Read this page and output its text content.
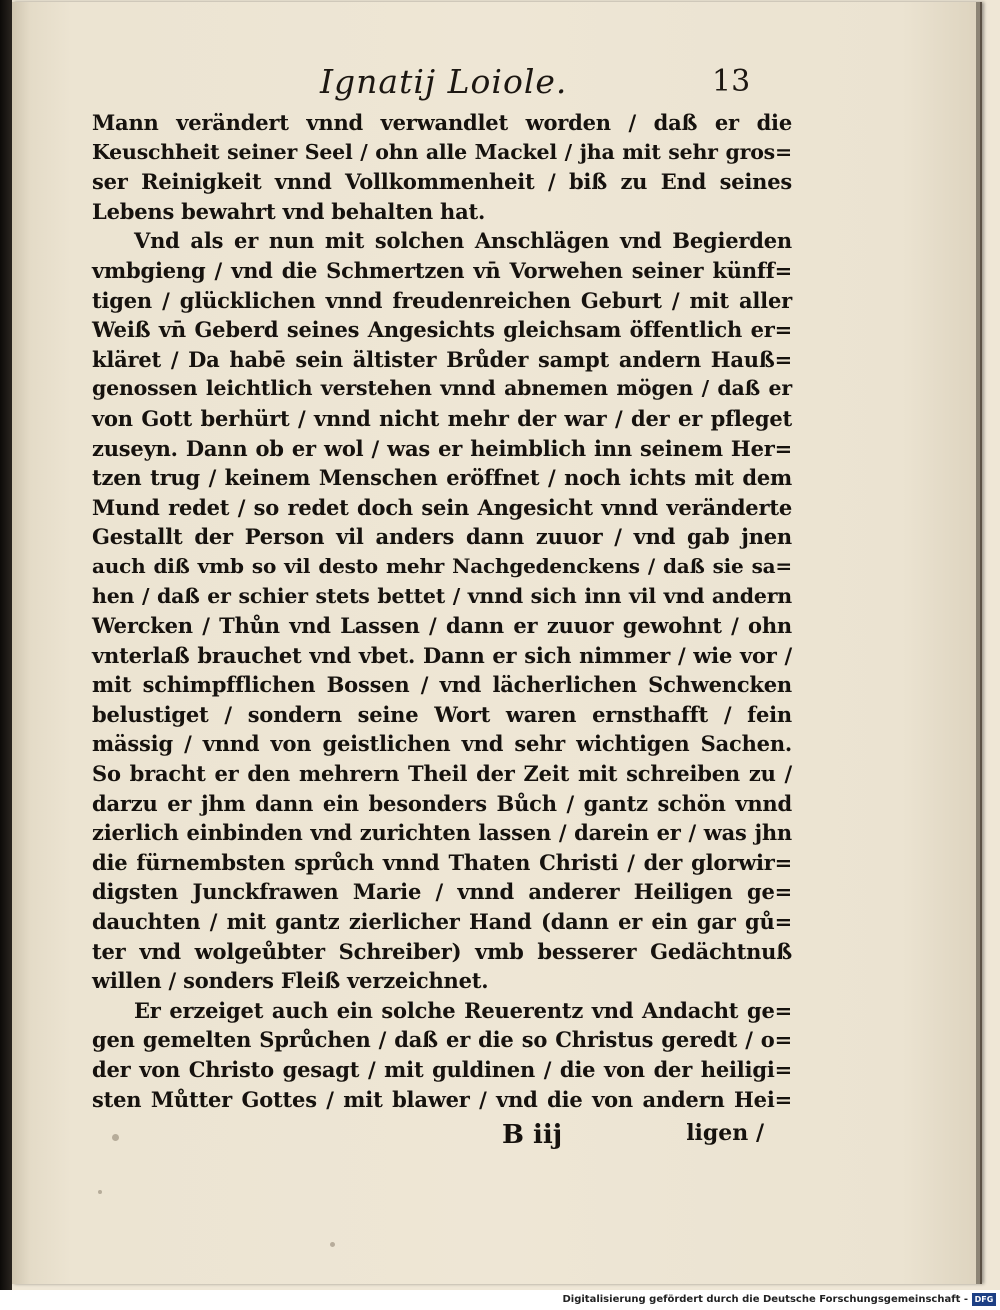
Ignatij Loiole.	13
Mann verändert vnnd verwandlet worden / daß er die
Keuschheit seiner Seel / ohn alle Mackel / jha mit sehr gros=
ser Reinigkeit vnnd Vollkommenheit / biß zu End seines
Lebens bewahrt vnd behalten hat.
Vnd als er nun mit solchen Anschlägen vnd Begierden
vmbgieng / vnd die Schmertzen vn̄ Vorwehen seiner künff=
tigen / glücklichen vnnd freudenreichen Geburt / mit aller
Weiß vn̄ Geberd seines Angesichts gleichsam öffentlich er=
kläret / Da habē sein ältister Brůder sampt andern Hauß=
genossen leichtlich verstehen vnnd abnemen mögen / daß er
von Gott berhürt / vnnd nicht mehr der war / der er pfleget
zuseyn. Dann ob er wol / was er heimblich inn seinem Her=
tzen trug / keinem Menschen eröffnet / noch ichts mit dem
Mund redet / so redet doch sein Angesicht vnnd veränderte
Gestallt der Person vil anders dann zuuor / vnd gab jnen
auch diß vmb so vil desto mehr Nachgedenckens / daß sie sa=
hen / daß er schier stets bettet / vnnd sich inn vil vnd andern
Wercken / Thůn vnd Lassen / dann er zuuor gewohnt / ohn
vnterlaß brauchet vnd vbet. Dann er sich nimmer / wie vor /
mit schimpfflichen Bossen / vnd lächerlichen Schwencken
belustiget / sondern seine Wort waren ernsthafft / fein
mässig / vnnd von geistlichen vnd sehr wichtigen Sachen.
So bracht er den mehrern Theil der Zeit mit schreiben zu /
darzu er jhm dann ein besonders Bůch / gantz schön vnnd
zierlich einbinden vnd zurichten lassen / darein er / was jhn
die fürnembsten sprůch vnnd Thaten Christi / der glorwir=
digsten Junckfrawen Marie / vnnd anderer Heiligen ge=
dauchten / mit gantz zierlicher Hand (dann er ein gar gů=
ter vnd wolgeůbter Schreiber) vmb besserer Gedächtnuß
willen / sonders Fleiß verzeichnet.
Er erzeiget auch ein solche Reuerentz vnd Andacht ge=
gen gemelten Sprůchen / daß er die so Christus geredt / o=
der von Christo gesagt / mit guldinen / die von der heiligi=
sten Můtter Gottes / mit blawer / vnd die von andern Hei=
B iij	ligen /
Digitalisierung gefördert durch die Deutsche Forschungsgemeinschaft - DFG
